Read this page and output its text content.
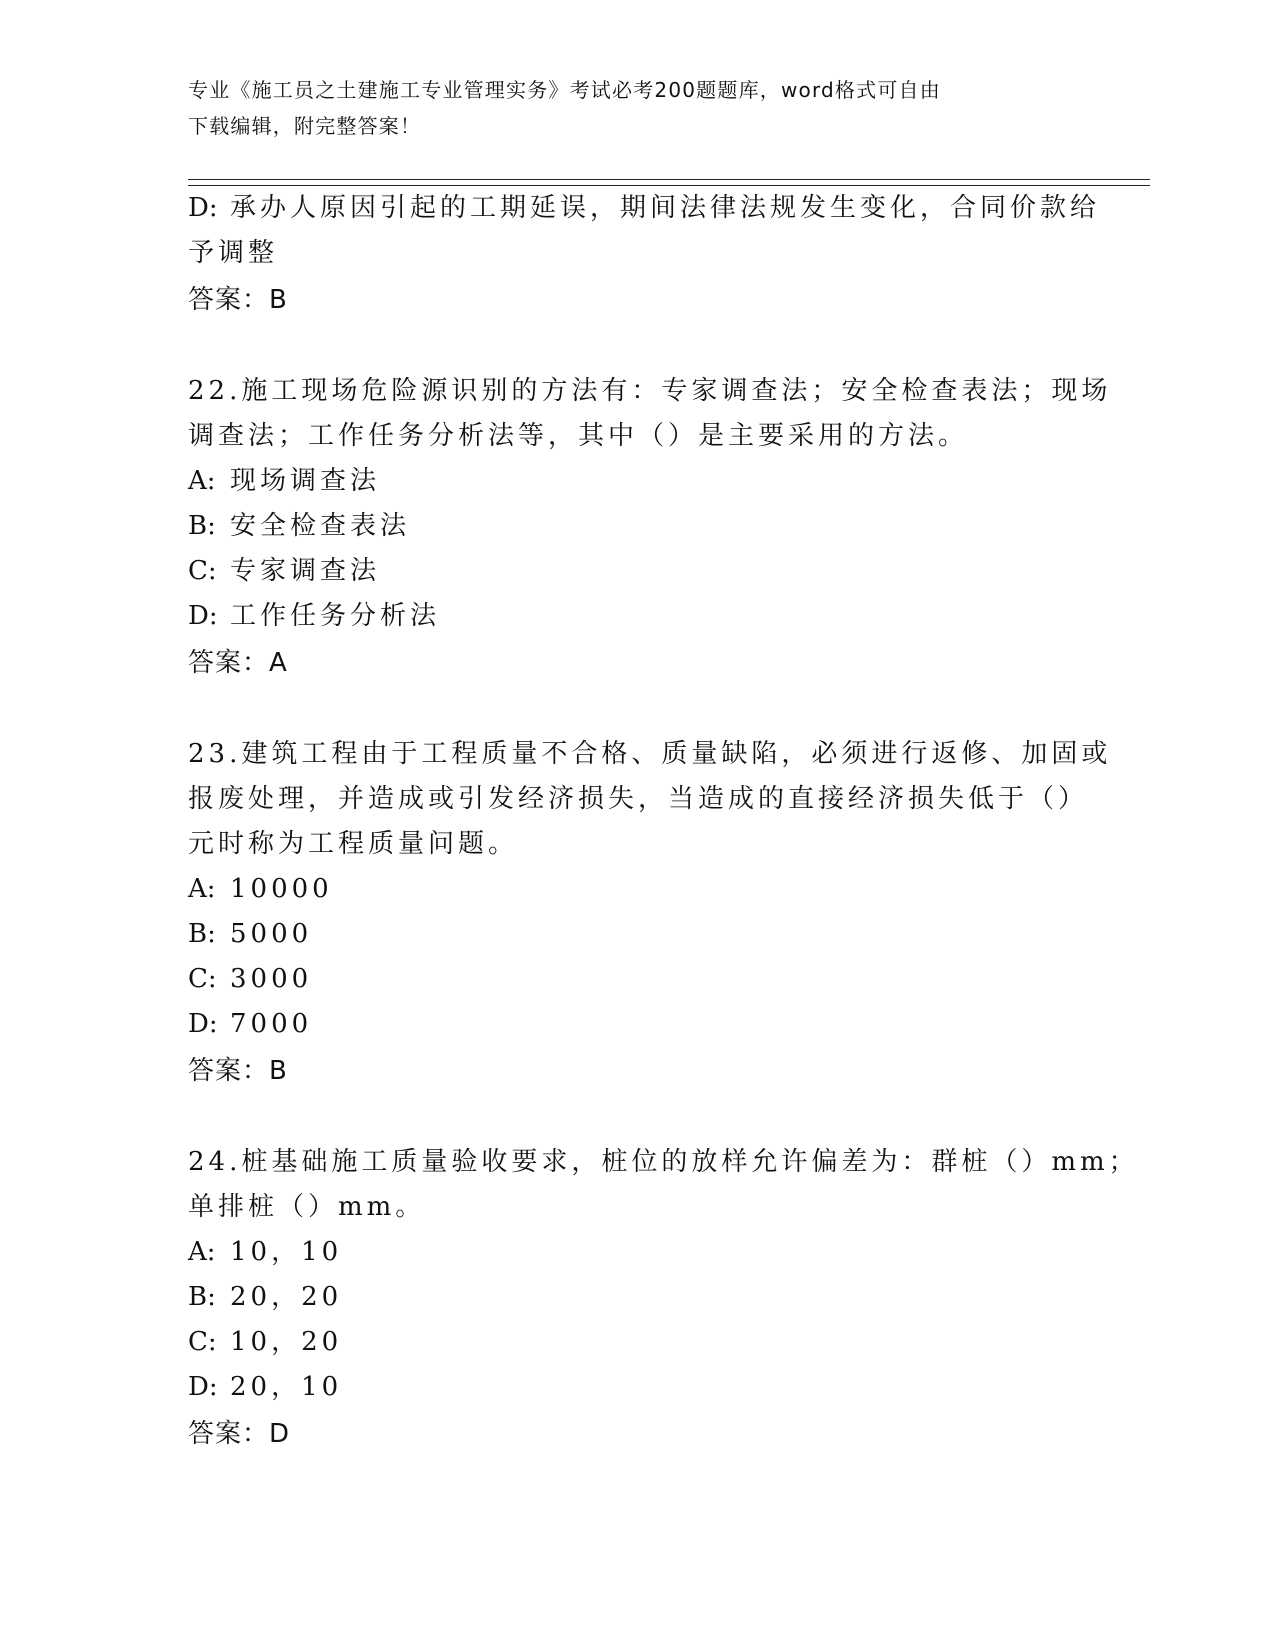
专业《施工员之土建施工专业管理实务》考试必考200题题库，word格式可自由
下载编辑，附完整答案！
D: 承办人原因引起的工期延误，期间法律法规发生变化，合同价款给
予调整
答案：B
22.施工现场危险源识别的方法有：专家调查法；安全检查表法；现场
调查法；工作任务分析法等，其中（）是主要采用的方法。
A: 现场调查法
B: 安全检查表法
C: 专家调查法
D: 工作任务分析法
答案：A
23.建筑工程由于工程质量不合格、质量缺陷，必须进行返修、加固或
报废处理，并造成或引发经济损失，当造成的直接经济损失低于（）
元时称为工程质量问题。
A: 10000
B: 5000
C: 3000
D: 7000
答案：B
24.桩基础施工质量验收要求，桩位的放样允许偏差为：群桩（）mm；
单排桩（）mm。
A: 10，10
B: 20，20
C: 10，20
D: 20，10
答案：D
